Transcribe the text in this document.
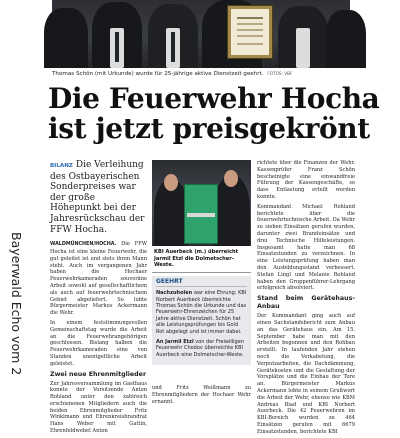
Thomas Schön (mit Urkunde) wurde für 25-jährige aktive Dienstzeit geehrt. FOTOS: VBF
Die Feuerwehr Hocha
ist jetzt preisgekrönt
Bayerwald Echo vom 2
BILANZ Die Verleihung des Ostbayerischen Sonderpreises war der große Höhepunkt bei der Jahresrückschau der FFW Hocha.

WALDMÜNCHEN/HOCHA. Die FFW Hocha ist eine kleine Feuerwehr, die gut geleitet ist und stets ihren Mann steht. Auch im vergangenen Jahr haben die Hochaer Feuerwehrkameraden souveräne Arbeit sowohl auf gesellschaftlichem als auch auf feuerwehrtechnischem Gebiet abgeliefert. So lobte Bürgermeister Markus Ackermann die Wehr.

In einem feststimmungsvollen Gemeinschaftstag wurde die Arbeit an die Feuerwehrangehörigen geschlossen. Bislang halben die Feuerwehrkameraden eine von Standen unentgeltliche Arbeit geleistet.

Zwei neue Ehrenmitglieder

Zur Jahresversammlung im Gasthaus konnte der Vorsitzende Anton Rohland unter den zahlreich erschienenen Mitgliedern auch die beiden Ehrenmitglieder Fritz Winklmann und Ehrenkreisbrandrat Hans Weber mit Gattin, Ehrenfeldwebel Anton

KBI Auerbeck (m.) überreicht Jarmil Etzl die Dolmetscher-Weste.
GEEHRT

Nachzuholen war eine Ehrung: KBI Norbert Auerbeck überreichte Thomas Schön die Urkunde und das Feuerwehr-Ehrenzeichen für 25 Jahre aktive Dienstzeit. Schön hat alle Leistungsprüfungen bis Gold Rot abgelegt und ist immer dabei.

An Jarmil Etzl von der Freiwilligen Feuerwehr Chodov überreichte KBI Auerbeck eine Dolmetscher-Weste.

und Fritz Weißmann zu Ehrenmitgliedern der Hochaer Wehr ernannt.

richtete über die Finanzen der Wehr. Kassenprüfer Franz Schön bescheinigte eine einwandfreie Führung der Kassengeschäfte, so dass Entlastung erteilt werden konnte.

Kommandant Michael Rohland berichtete über die feuerwehrtechnische Arbeit. Da Wehr zu sieben Einsätzen gerufen wurden, darunter zwei Brandeinsätze und drei Technische Hilfeleistungen. Insgesamt hatte man 68 Einsatzstunden zu verzeichnen. In eine Leistungsprüfung haben man den Ausbildungsstand verbessert. Stefan Lingl und Melanie Rohland haben den Gruppenführer-Lehrgang erfolgreich absolviert.

Stand beim Gerätehaus-Anbau

Der Kommandant ging auch auf einen Sachstandsbericht zum Anbau an das Gerätehaus ein. Am 15. September habe man mit den Arbeiten begonnen und den Rohbau erstellt. In laufenden Jahr stehen noch die Verkabelung, die Verputzarbeiten, die Dachdämmung, Gerätekosten und die Gestaltung der Vorsplätze und die Einbau der Tore an. Bürgermeister Markus Ackermann lobte in seinem Grußwort die Arbeit der Wehr, ebenso wie KBM Andreas Biad und KBI Norbert Auerbeck. Die 42 Feuerwehren im KBI-Bereich wurden zu 464 Einsätzen gerufen mit 6679 Einsatzstunden, berichtete KBI
